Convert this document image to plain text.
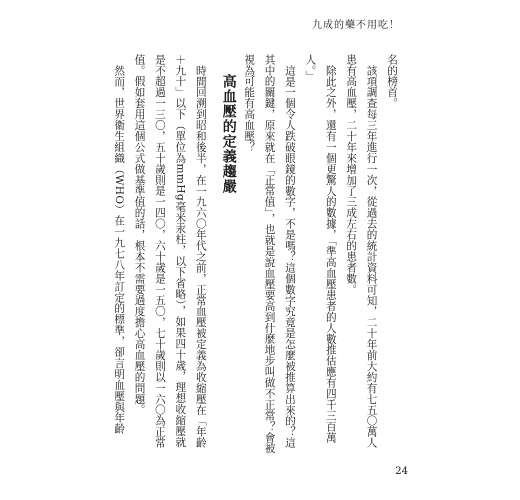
九成的藥不用吃！

名的榜首。

該項調查每三年進行一次，從過去的統計資料可知，二十年前大約有七五〇萬人患有高血壓，二十年來增加了三成左右的患者數。

除此之外，還有一個更驚人的數據，「準高血壓患者的人數推估應有四千三百萬人。」

這是一個令人跌破眼鏡的數字，不是嗎？這個數字究竟是怎麼被推算出來的？這其中的關鍵，原來就在「正常值」，也就是說血壓要高到什麼地步叫做不正常？會被視為可能有高血壓？

高血壓的定義趨嚴

時間回溯到昭和後半，在一九六〇年代之前，正常血壓被定義為收縮壓在「年齡＋九十」以下（單位為mmHg毫米汞柱，以下省略），如果四十歲，理想收縮壓就是不超過一三〇，五十歲則是一四〇，六十歲是一五〇，七十歲則以一六〇為正常值。假如套用這個公式做基準值的話，根本不需要過度擔心高血壓的問題。

然而，世界衛生組織（WHO）在一九七八年訂定的標準，卻言明血壓與年齡

24
